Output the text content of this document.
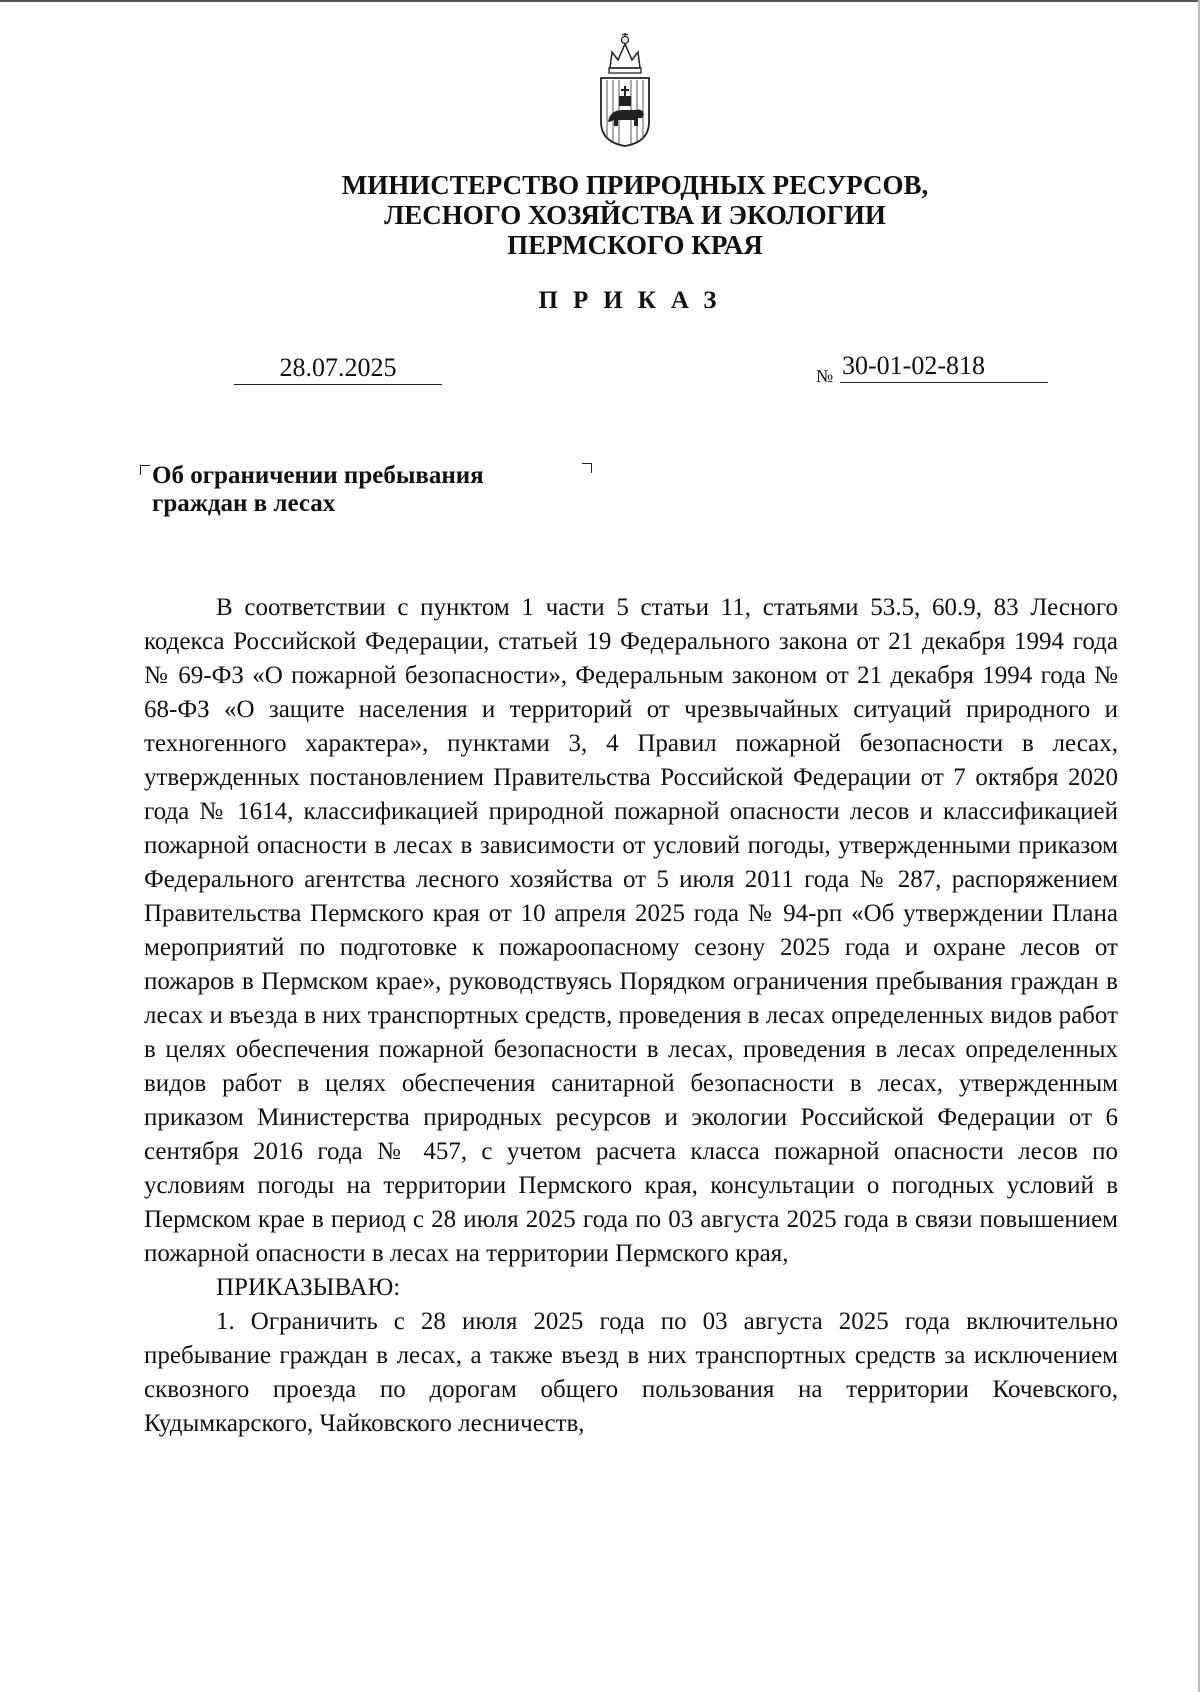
МИНИСТЕРСТВО ПРИРОДНЫХ РЕСУРСОВ,
ЛЕСНОГО ХОЗЯЙСТВА И ЭКОЛОГИИ
ПЕРМСКОГО КРАЯ
ПРИКАЗ
28.07.2025	№ 30-01-02-818
Об ограничении пребывания
граждан в лесах

В соответствии с пунктом 1 части 5 статьи 11, статьями 53.5, 60.9, 83 Лесного кодекса Российской Федерации, статьей 19 Федерального закона от 21 декабря 1994 года № 69-ФЗ «О пожарной безопасности», Федеральным законом от 21 декабря 1994 года № 68-ФЗ «О защите населения и территорий от чрезвычайных ситуаций природного и техногенного характера», пунктами 3, 4 Правил пожарной безопасности в лесах, утвержденных постановлением Правительства Российской Федерации от 7 октября 2020 года № 1614, классификацией природной пожарной опасности лесов и классификацией пожарной опасности в лесах в зависимости от условий погоды, утвержденными приказом Федерального агентства лесного хозяйства от 5 июля 2011 года № 287, распоряжением Правительства Пермского края от 10 апреля 2025 года № 94-рп «Об утверждении Плана мероприятий по подготовке к пожароопасному сезону 2025 года и охране лесов от пожаров в Пермском крае», руководствуясь Порядком ограничения пребывания граждан в лесах и въезда в них транспортных средств, проведения в лесах определенных видов работ в целях обеспечения пожарной безопасности в лесах, проведения в лесах определенных видов работ в целях обеспечения санитарной безопасности в лесах, утвержденным приказом Министерства природных ресурсов и экологии Российской Федерации от 6 сентября 2016 года № 457, с учетом расчета класса пожарной опасности лесов по условиям погоды на территории Пермского края, консультации о погодных условий в Пермском крае в период с 28 июля 2025 года по 03 августа 2025 года в связи повышением пожарной опасности в лесах на территории Пермского края,

ПРИКАЗЫВАЮ:

1. Ограничить с 28 июля 2025 года по 03 августа 2025 года включительно пребывание граждан в лесах, а также въезд в них транспортных средств за исключением сквозного проезда по дорогам общего пользования на территории Кочевского, Кудымкарского, Чайковского лесничеств,
